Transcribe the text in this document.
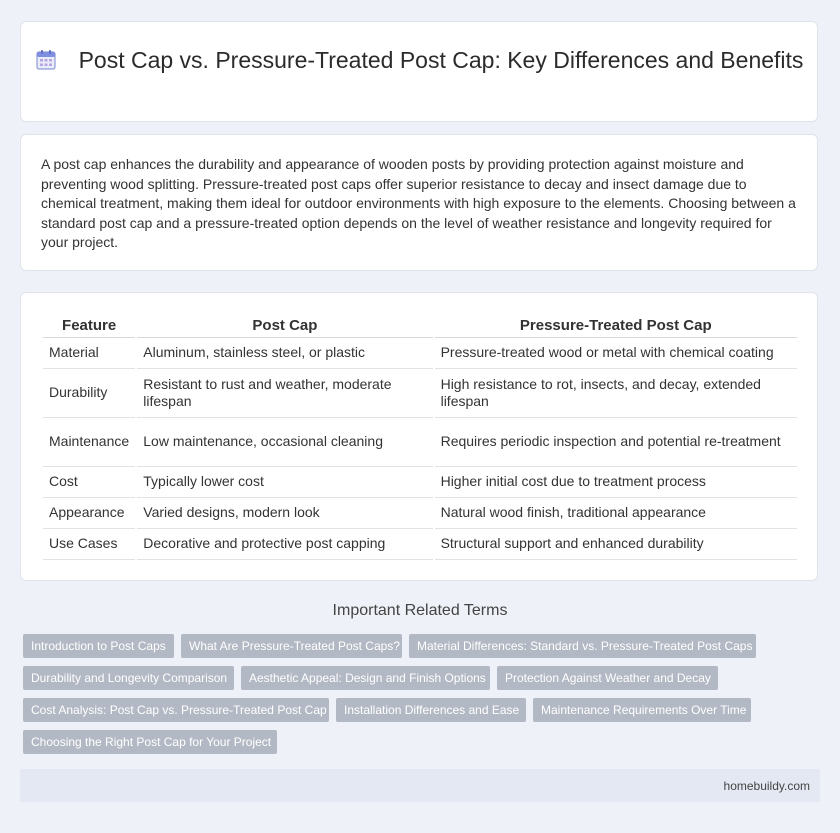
Post Cap vs. Pressure-Treated Post Cap: Key Differences and Benefits

A post cap enhances the durability and appearance of wooden posts by providing protection against moisture and preventing wood splitting. Pressure-treated post caps offer superior resistance to decay and insect damage due to chemical treatment, making them ideal for outdoor environments with high exposure to the elements. Choosing between a standard post cap and a pressure-treated option depends on the level of weather resistance and longevity required for your project.

Feature	Post Cap	Pressure-Treated Post Cap
Material	Aluminum, stainless steel, or plastic	Pressure-treated wood or metal with chemical coating
Durability	Resistant to rust and weather, moderate lifespan	High resistance to rot, insects, and decay, extended lifespan
Maintenance	Low maintenance, occasional cleaning	Requires periodic inspection and potential re-treatment
Cost	Typically lower cost	Higher initial cost due to treatment process
Appearance	Varied designs, modern look	Natural wood finish, traditional appearance
Use Cases	Decorative and protective post capping	Structural support and enhanced durability
Important Related Terms
Introduction to Post Caps	What Are Pressure-Treated Post Caps?	Material Differences: Standard vs. Pressure-Treated Post Caps
Durability and Longevity Comparison	Aesthetic Appeal: Design and Finish Options	Protection Against Weather and Decay
Cost Analysis: Post Cap vs. Pressure-Treated Post Cap	Installation Differences and Ease	Maintenance Requirements Over Time
Choosing the Right Post Cap for Your Project
homebuildy.com
